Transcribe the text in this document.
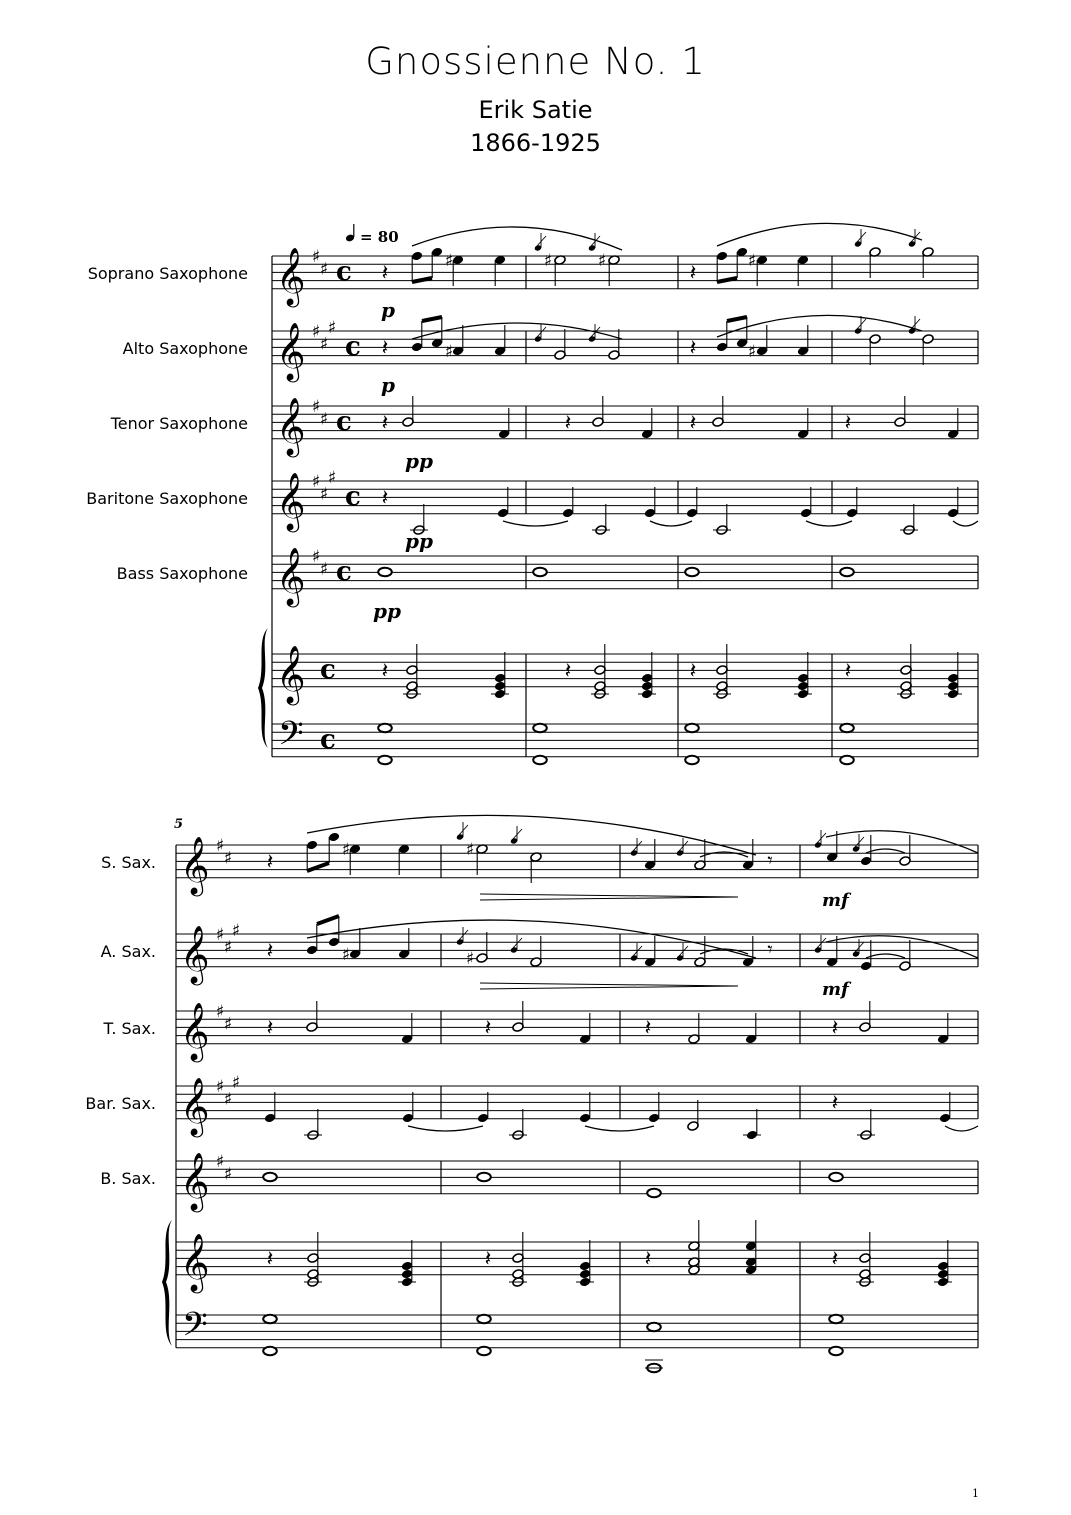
Gnossienne No. 1
Erik Satie
1866-1925
1
𝄞 ♯
♯ c
𝄞 ♯
♯
♯
c
𝄞 ♯
♯ c
𝄞 ♯
♯
♯
c
𝄞 ♯
♯ c
𝄞 c
𝄢 c
♯	♯	♯	♯
♯	♯
𝄞 ♯
♯
𝄞 ♯
♯
♯
𝄞 ♯
♯
𝄞 ♯
♯
♯
𝄞 ♯
♯
𝄞
𝄢
♯	♯
♯	♯
𝄽	𝄽
𝄽	𝄽
𝄽	𝄽	𝄽	𝄽
𝄽
𝄽	𝄽	𝄽	𝄽
𝄽	𝄾
𝄽	𝄾
𝄽	𝄽	𝄽	𝄽
𝄽
𝄽	𝄽	𝄽	𝄽
Soprano Saxophone
Alto Saxophone
Tenor Saxophone
Baritone Saxophone
Bass Saxophone
S. Sax.
A. Sax.
T. Sax.
Bar. Sax.
B. Sax.
= 80
5
p
p
pp
pp
pp
mf
mf
